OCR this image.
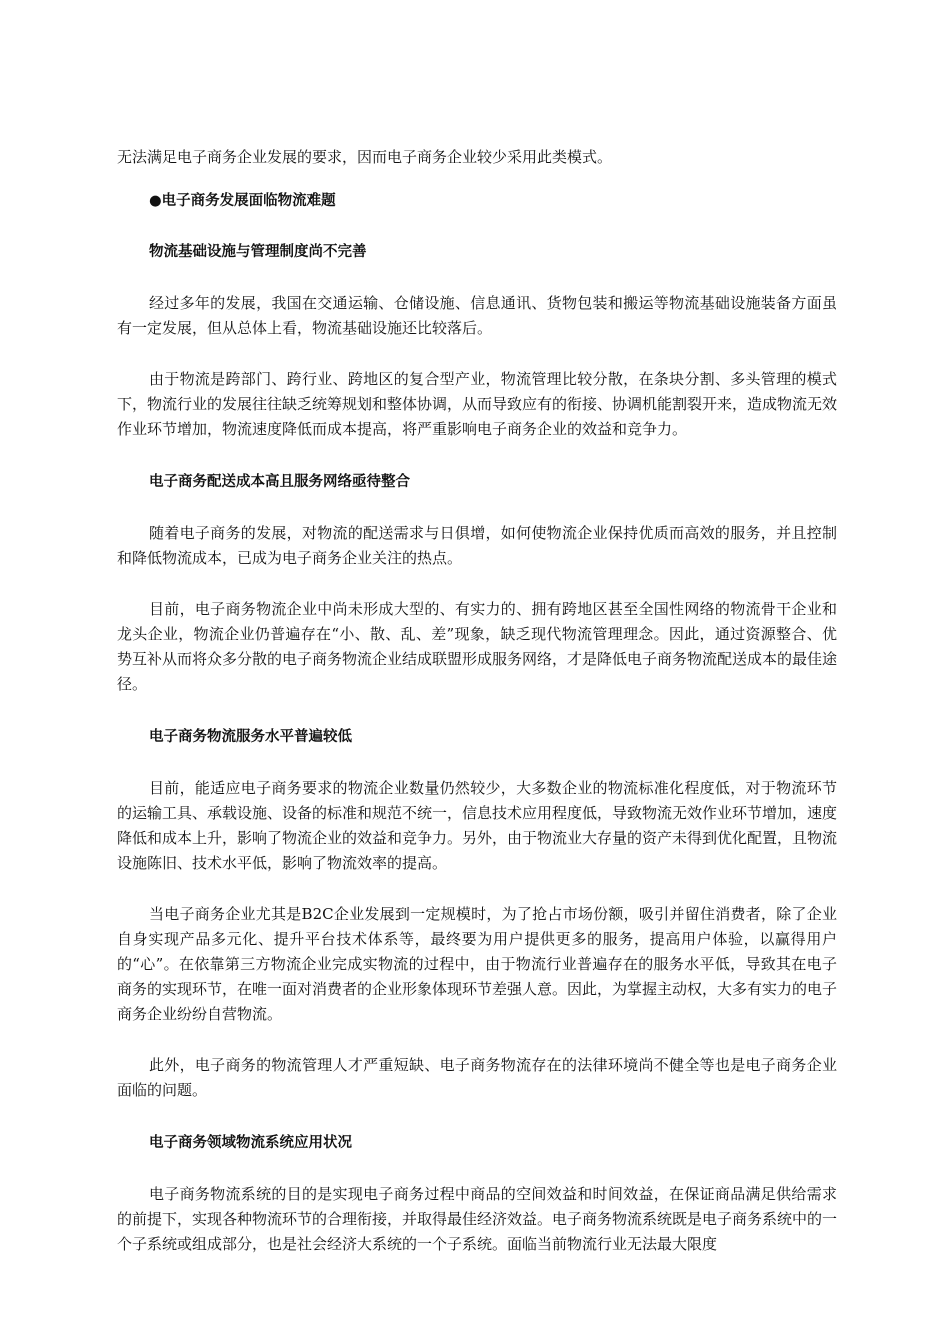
无法满足电子商务企业发展的要求，因而电子商务企业较少采用此类模式。

●电子商务发展面临物流难题

物流基础设施与管理制度尚不完善

经过多年的发展，我国在交通运输、仓储设施、信息通讯、货物包装和搬运等物流基础设施装备方面虽有一定发展，但从总体上看，物流基础设施还比较落后。

由于物流是跨部门、跨行业、跨地区的复合型产业，物流管理比较分散，在条块分割、多头管理的模式下，物流行业的发展往往缺乏统筹规划和整体协调，从而导致应有的衔接、协调机能割裂开来，造成物流无效作业环节增加，物流速度降低而成本提高，将严重影响电子商务企业的效益和竞争力。

电子商务配送成本高且服务网络亟待整合

随着电子商务的发展，对物流的配送需求与日俱增，如何使物流企业保持优质而高效的服务，并且控制和降低物流成本，已成为电子商务企业关注的热点。

目前，电子商务物流企业中尚未形成大型的、有实力的、拥有跨地区甚至全国性网络的物流骨干企业和龙头企业，物流企业仍普遍存在“小、散、乱、差”现象，缺乏现代物流管理理念。因此，通过资源整合、优势互补从而将众多分散的电子商务物流企业结成联盟形成服务网络，才是降低电子商务物流配送成本的最佳途径。

电子商务物流服务水平普遍较低

目前，能适应电子商务要求的物流企业数量仍然较少，大多数企业的物流标准化程度低，对于物流环节的运输工具、承载设施、设备的标准和规范不统一，信息技术应用程度低，导致物流无效作业环节增加，速度降低和成本上升，影响了物流企业的效益和竞争力。另外，由于物流业大存量的资产未得到优化配置，且物流设施陈旧、技术水平低，影响了物流效率的提高。

当电子商务企业尤其是B2C企业发展到一定规模时，为了抢占市场份额，吸引并留住消费者，除了企业自身实现产品多元化、提升平台技术体系等，最终要为用户提供更多的服务，提高用户体验，以赢得用户的“心”。在依靠第三方物流企业完成实物流的过程中，由于物流行业普遍存在的服务水平低，导致其在电子商务的实现环节，在唯一面对消费者的企业形象体现环节差强人意。因此，为掌握主动权，大多有实力的电子商务企业纷纷自营物流。

此外，电子商务的物流管理人才严重短缺、电子商务物流存在的法律环境尚不健全等也是电子商务企业面临的问题。

电子商务领域物流系统应用状况

电子商务物流系统的目的是实现电子商务过程中商品的空间效益和时间效益，在保证商品满足供给需求的前提下，实现各种物流环节的合理衔接，并取得最佳经济效益。电子商务物流系统既是电子商务系统中的一个子系统或组成部分，也是社会经济大系统的一个子系统。面临当前物流行业无法最大限度
